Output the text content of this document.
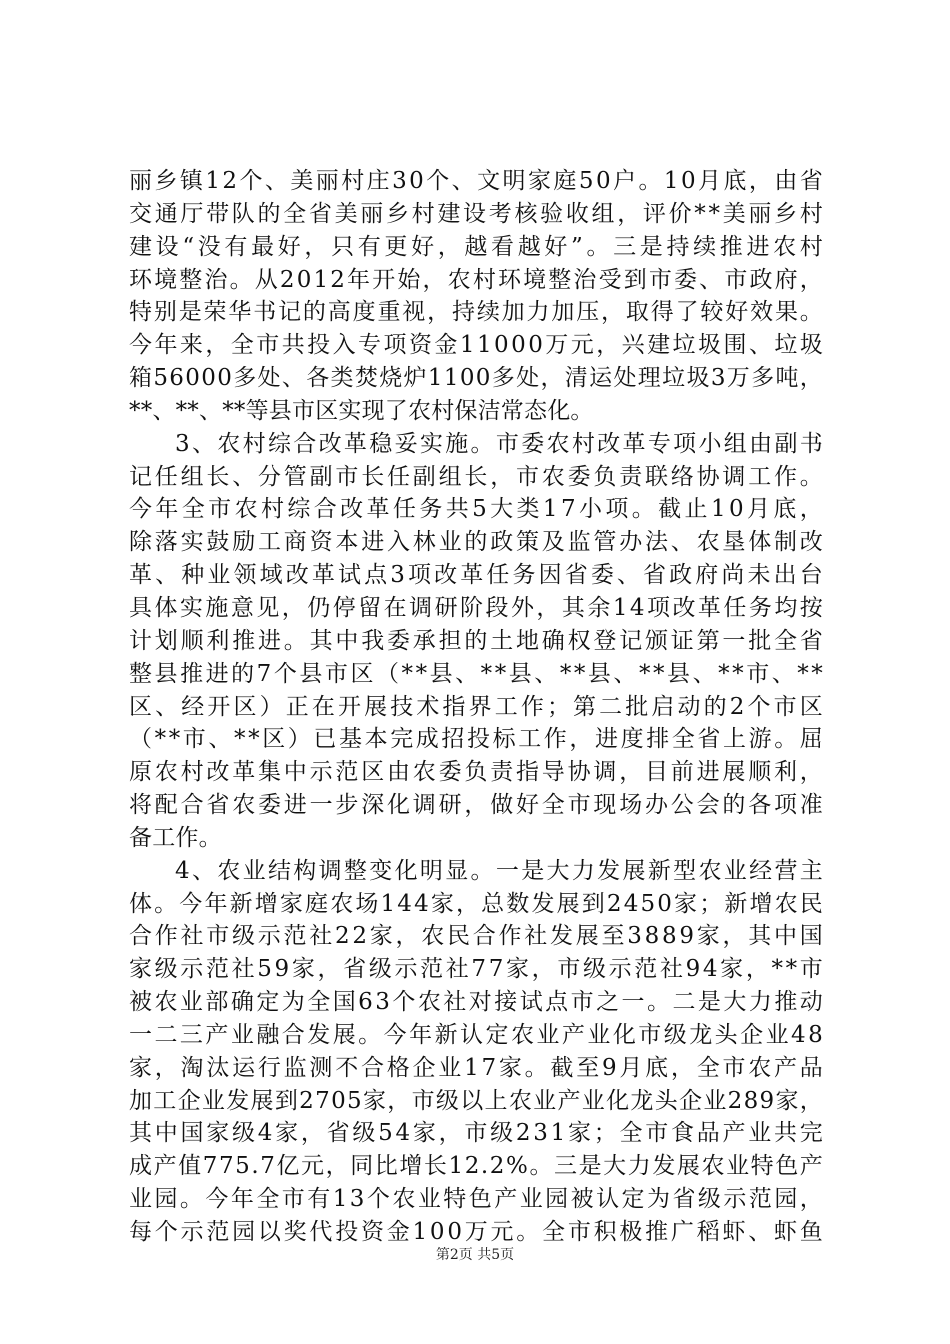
丽乡镇12个、美丽村庄30个、文明家庭50户。10月底，由省
交通厅带队的全省美丽乡村建设考核验收组，评价**美丽乡村
建设“没有最好，只有更好，越看越好”。三是持续推进农村
环境整治。从2012年开始，农村环境整治受到市委、市政府，
特别是荣华书记的高度重视，持续加力加压，取得了较好效果。
今年来，全市共投入专项资金11000万元，兴建垃圾围、垃圾
箱56000多处、各类焚烧炉1100多处，清运处理垃圾3万多吨，
**、**、**等县市区实现了农村保洁常态化。
3、农村综合改革稳妥实施。市委农村改革专项小组由副书
记任组长、分管副市长任副组长，市农委负责联络协调工作。
今年全市农村综合改革任务共5大类17小项。截止10月底，
除落实鼓励工商资本进入林业的政策及监管办法、农垦体制改
革、种业领域改革试点3项改革任务因省委、省政府尚未出台
具体实施意见，仍停留在调研阶段外，其余14项改革任务均按
计划顺利推进。其中我委承担的土地确权登记颁证第一批全省
整县推进的7个县市区（**县、**县、**县、**县、**市、**
区、经开区）正在开展技术指界工作；第二批启动的2个市区
（**市、**区）已基本完成招投标工作，进度排全省上游。屈
原农村改革集中示范区由农委负责指导协调，目前进展顺利，
将配合省农委进一步深化调研，做好全市现场办公会的各项准
备工作。
4、农业结构调整变化明显。一是大力发展新型农业经营主
体。今年新增家庭农场144家，总数发展到2450家；新增农民
合作社市级示范社22家，农民合作社发展至3889家，其中国
家级示范社59家，省级示范社77家，市级示范社94家，**市
被农业部确定为全国63个农社对接试点市之一。二是大力推动
一二三产业融合发展。今年新认定农业产业化市级龙头企业48
家，淘汰运行监测不合格企业17家。截至9月底，全市农产品
加工企业发展到2705家，市级以上农业产业化龙头企业289家，
其中国家级4家，省级54家，市级231家；全市食品产业共完
成产值775.7亿元，同比增长12.2%。三是大力发展农业特色产
业园。今年全市有13个农业特色产业园被认定为省级示范园，
每个示范园以奖代投资金100万元。全市积极推广稻虾、虾鱼
第2页 共5页
